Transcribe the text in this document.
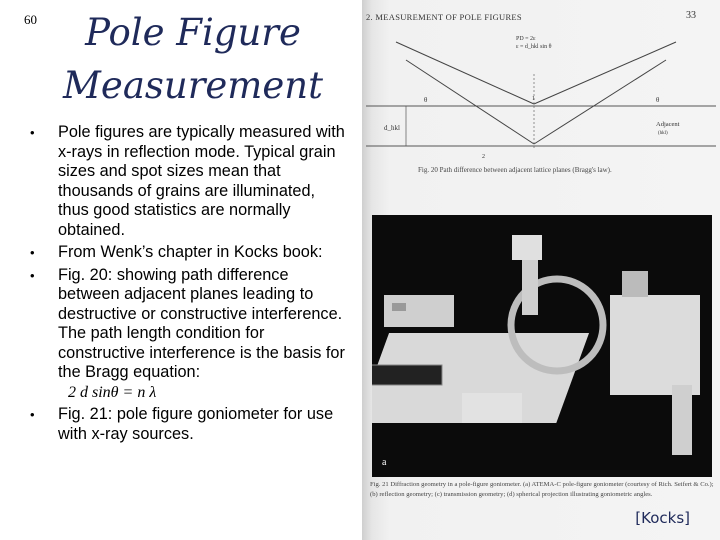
60	Pole Figure
Measurement
• Pole figures are typically measured with x-rays in reflection mode. Typical grain sizes and spot sizes mean that thousands of grains are illuminated, thus good statistics are normally obtained.
• From Wenk’s chapter in Kocks book:
• Fig. 20: showing path difference between adjacent planes leading to destructive or constructive interference. The path length condition for constructive interference is the basis for the Bragg equation:
2 d sinθ = n λ
• Fig. 21: pole figure goniometer for use with x-ray sources.
2. MEASUREMENT OF POLE FIGURES	33
PD = 2ε
ε = d_hkl sin θ
d_hkl
θ	θ
1
2
Adjacent
(hkl)
Fig. 20 Path difference between adjacent lattice planes (Bragg's law).
a
Fig. 21 Diffraction geometry in a pole-figure goniometer. (a) ATEMA-C pole-figure goniometer (courtesy of Rich. Seifert & Co.); (b) reflection geometry; (c) transmission geometry; (d) spherical projection illustrating goniometric angles.
[Kocks]
